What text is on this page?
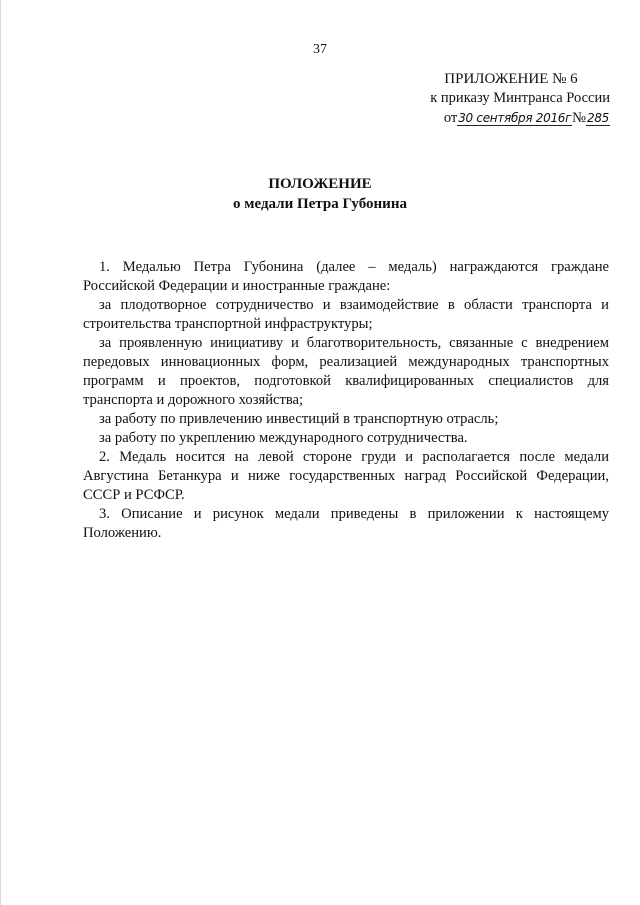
37
ПРИЛОЖЕНИЕ № 6
к приказу Минтранса России
от30 сентября 2016г№285
ПОЛОЖЕНИЕ
о медали Петра Губонина

1. Медалью Петра Губонина (далее – медаль) награждаются граждане Российской Федерации и иностранные граждане:

за плодотворное сотрудничество и взаимодействие в области транспорта и строительства транспортной инфраструктуры;

за проявленную инициативу и благотворительность, связанные с внедрением передовых инновационных форм, реализацией международных транспортных программ и проектов, подготовкой квалифицированных специалистов для транспорта и дорожного хозяйства;

за работу по привлечению инвестиций в транспортную отрасль;

за работу по укреплению международного сотрудничества.

2. Медаль носится на левой стороне груди и располагается после медали Августина Бетанкура и ниже государственных наград Российской Федерации, СССР и РСФСР.

3. Описание и рисунок медали приведены в приложении к настоящему Положению.
